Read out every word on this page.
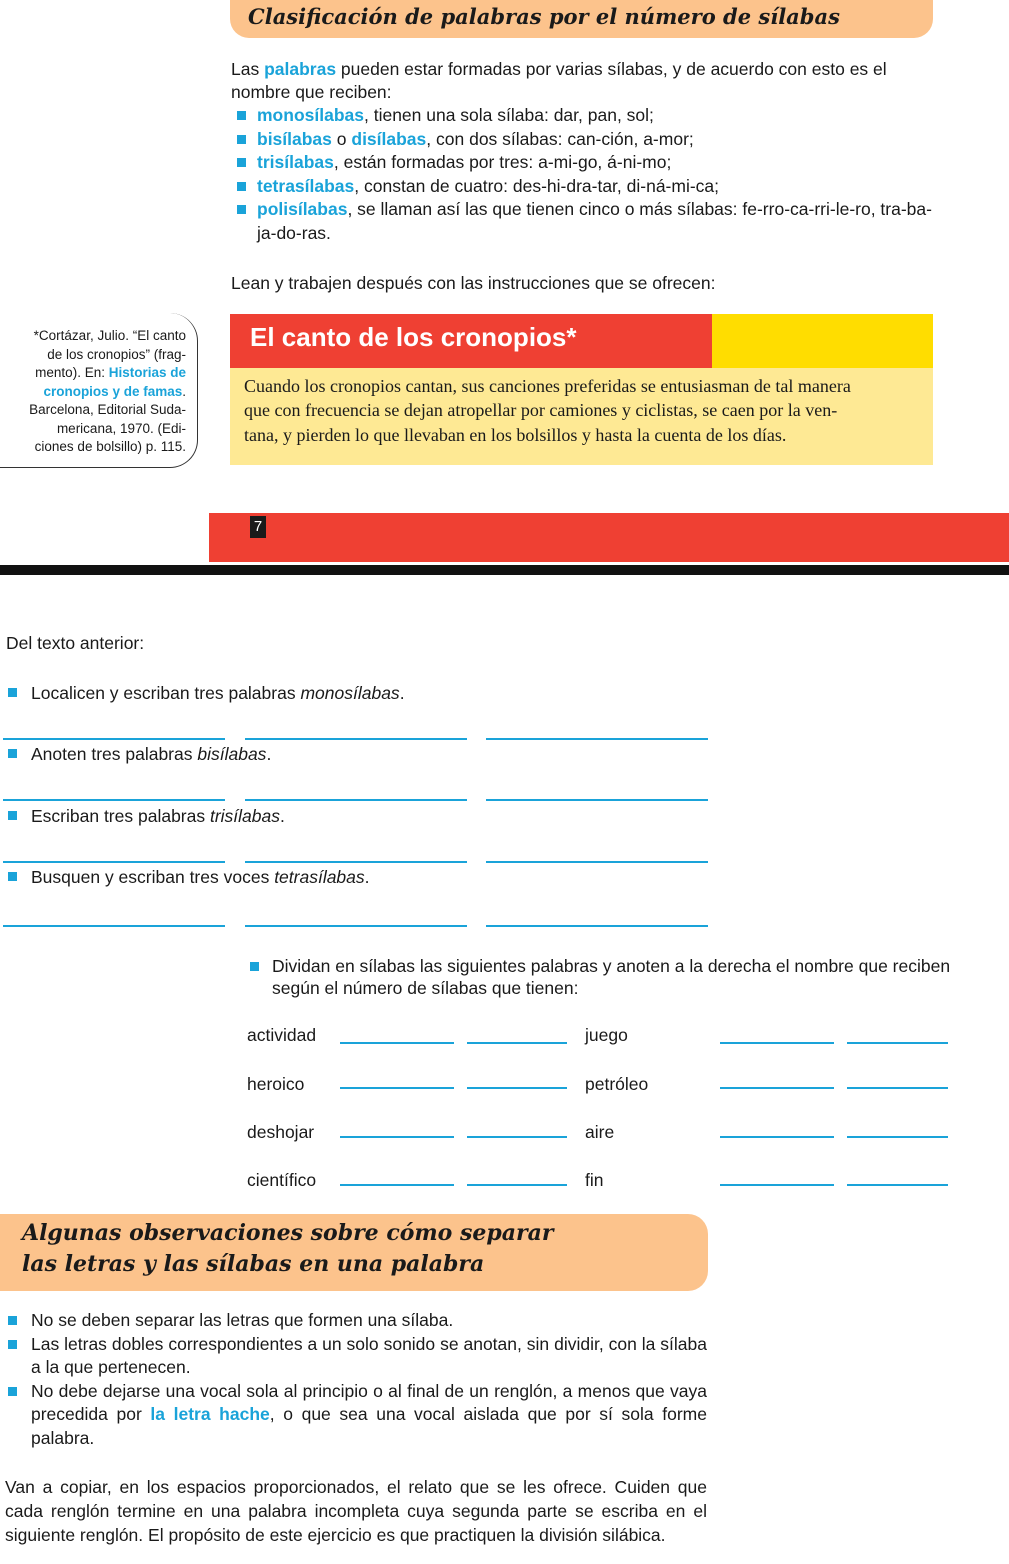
Clasificación de palabras por el número de sílabas

Las palabras pueden estar formadas por varias sílabas, y de acuerdo con esto es el nombre que reciben:

monosílabas, tienen una sola sílaba: dar, pan, sol;
bisílabas o disílabas, con dos sílabas: can-ción, a-mor;
trisílabas, están formadas por tres: a-mi-go, á-ni-mo;
tetrasílabas, constan de cuatro: des-hi-dra-tar, di-ná-mi-ca;
polisílabas, se llaman así las que tienen cinco o más sílabas: fe-rro-ca-rri-le-ro, tra-ba-ja-do-ras.
Lean y trabajen después con las instrucciones que se ofrecen:
*Cortázar, Julio. “El canto
de los cronopios” (frag-
mento). En: Historias de
cronopios y de famas.
Barcelona, Editorial Suda-
mericana, 1970. (Edi-
ciones de bolsillo) p. 115.
El canto de los cronopios*
Cuando los cronopios cantan, sus canciones preferidas se entusiasman de tal manera
que con frecuencia se dejan atropellar por camiones y ciclistas, se caen por la ven-
tana, y pierden lo que llevaban en los bolsillos y hasta la cuenta de los días.
7
Del texto anterior:
Localicen y escriban tres palabras monosílabas.
Anoten tres palabras bisílabas.
Escriban tres palabras trisílabas.
Busquen y escriban tres voces tetrasílabas.
Dividan en sílabas las siguientes palabras y anoten a la derecha el nombre que reciben según el número de sílabas que tienen:
actividad	juego
heroico	petróleo
deshojar	aire
científico	fin
Algunas observaciones sobre cómo separar
las letras y las sílabas en una palabra
No se deben separar las letras que formen una sílaba.
Las letras dobles correspondientes a un solo sonido se anotan, sin dividir, con la sílaba a la que pertenecen.
No debe dejarse una vocal sola al principio o al final de un renglón, a menos que vaya precedida por la letra hache, o que sea una vocal aislada que por sí sola forme palabra.
Van a copiar, en los espacios proporcionados, el relato que se les ofrece. Cuiden que cada renglón termine en una palabra incompleta cuya segunda parte se escriba en el siguiente renglón. El propósito de este ejercicio es que practiquen la división silábica.
